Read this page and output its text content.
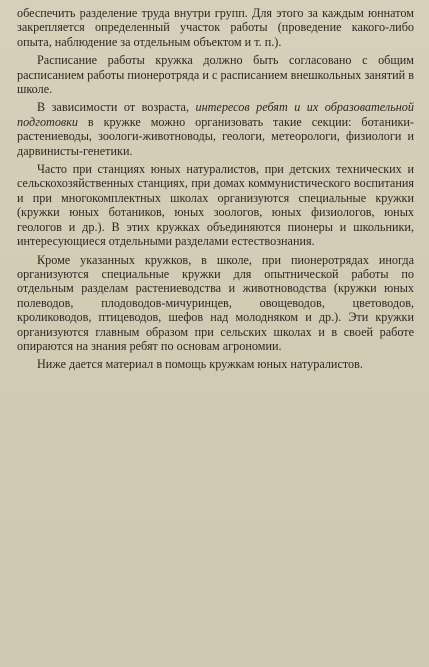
обеспечить разделение труда внутри групп. Для этого за каждым юннатом закрепляется определенный участок работы (проведение какого-либо опыта, наблюдение за отдельным объектом и т. п.).

Расписание работы кружка должно быть согласовано с общим расписанием работы пионеротряда и с расписанием внешкольных занятий в школе.

В зависимости от возраста, интересов ребят и их образовательной подготовки в кружке можно организовать такие секции: ботаники-растениеводы, зоологи-животноводы, геологи, метеорологи, физиологи и дарвинисты-генетики.

Часто при станциях юных натуралистов, при детских технических и сельскохозяйственных станциях, при домах коммунистического воспитания и при многокомплектных школах организуются специальные кружки (кружки юных ботаников, юных зоологов, юных физиологов, юных геологов и др.). В этих кружках объединяются пионеры и школьники, интересующиеся отдельными разделами естествознания.

Кроме указанных кружков, в школе, при пионеротрядах иногда организуются специальные кружки для опытнической работы по отдельным разделам растениеводства и животноводства (кружки юных полеводов, плодоводов-мичуринцев, овощеводов, цветоводов, кролиководов, птицеводов, шефов над молодняком и др.). Эти кружки организуются главным образом при сельских школах и в своей работе опираются на знания ребят по основам агрономии.

Ниже дается материал в помощь кружкам юных натуралистов.
